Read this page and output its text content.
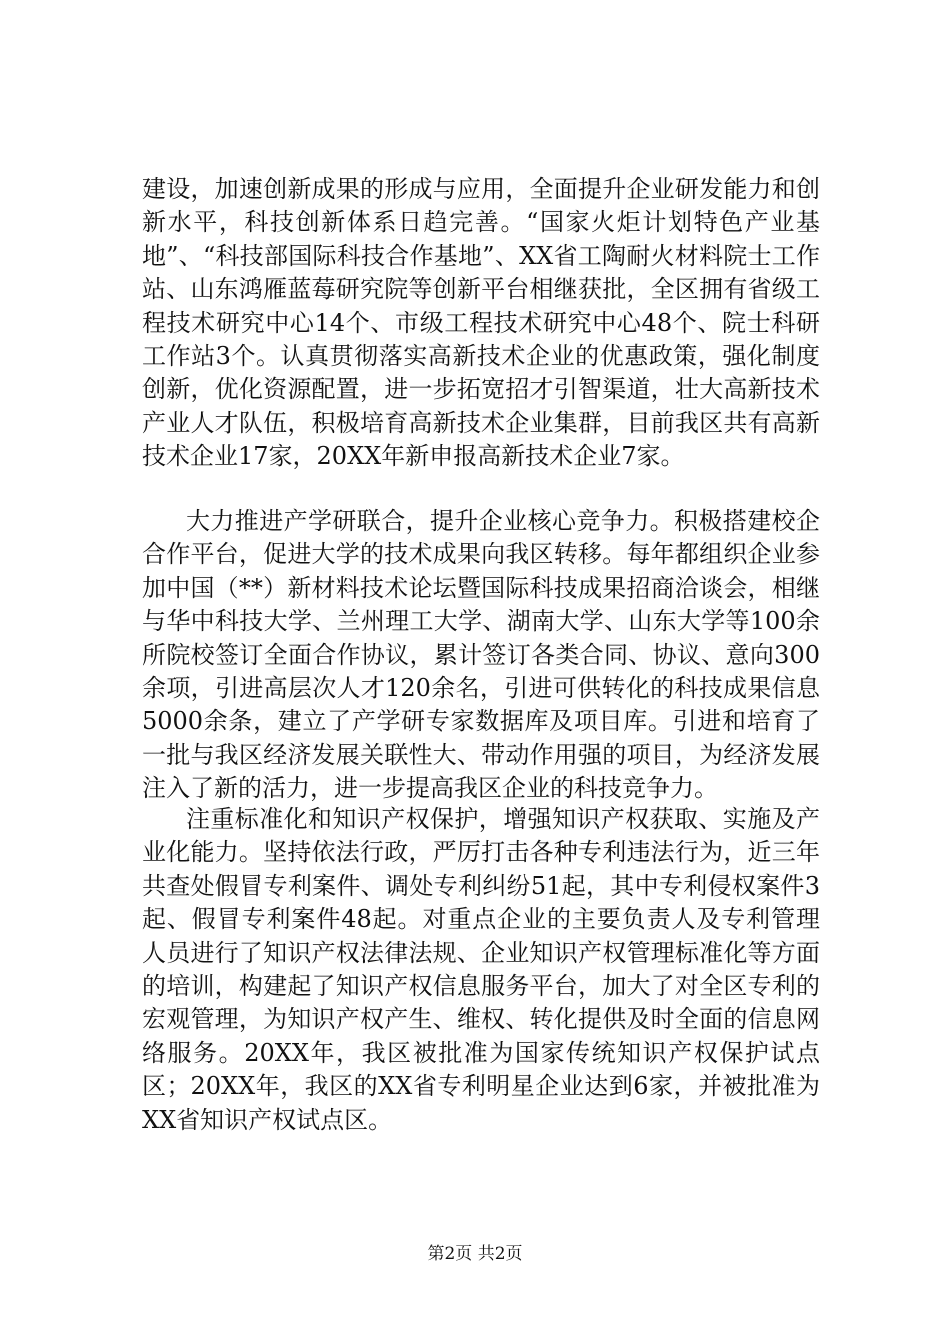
建设，加速创新成果的形成与应用，全面提升企业研发能力和创新水平，科技创新体系日趋完善。“国家火炬计划特色产业基地”、“科技部国际科技合作基地”、XX省工陶耐火材料院士工作站、山东鸿雁蓝莓研究院等创新平台相继获批，全区拥有省级工程技术研究中心14个、市级工程技术研究中心48个、院士科研工作站3个。认真贯彻落实高新技术企业的优惠政策，强化制度创新，优化资源配置，进一步拓宽招才引智渠道，壮大高新技术产业人才队伍，积极培育高新技术企业集群，目前我区共有高新技术企业17家，20XX年新申报高新技术企业7家。

大力推进产学研联合，提升企业核心竞争力。积极搭建校企合作平台，促进大学的技术成果向我区转移。每年都组织企业参加中国（**）新材料技术论坛暨国际科技成果招商洽谈会，相继与华中科技大学、兰州理工大学、湖南大学、山东大学等100余所院校签订全面合作协议，累计签订各类合同、协议、意向300余项，引进高层次人才120余名，引进可供转化的科技成果信息5000余条，建立了产学研专家数据库及项目库。引进和培育了一批与我区经济发展关联性大、带动作用强的项目，为经济发展注入了新的活力，进一步提高我区企业的科技竞争力。

注重标准化和知识产权保护，增强知识产权获取、实施及产业化能力。坚持依法行政，严厉打击各种专利违法行为，近三年共查处假冒专利案件、调处专利纠纷51起，其中专利侵权案件3起、假冒专利案件48起。对重点企业的主要负责人及专利管理人员进行了知识产权法律法规、企业知识产权管理标准化等方面的培训，构建起了知识产权信息服务平台，加大了对全区专利的宏观管理，为知识产权产生、维权、转化提供及时全面的信息网络服务。20XX年，我区被批准为国家传统知识产权保护试点区；20XX年，我区的XX省专利明星企业达到6家，并被批准为XX省知识产权试点区。

第2页 共2页
